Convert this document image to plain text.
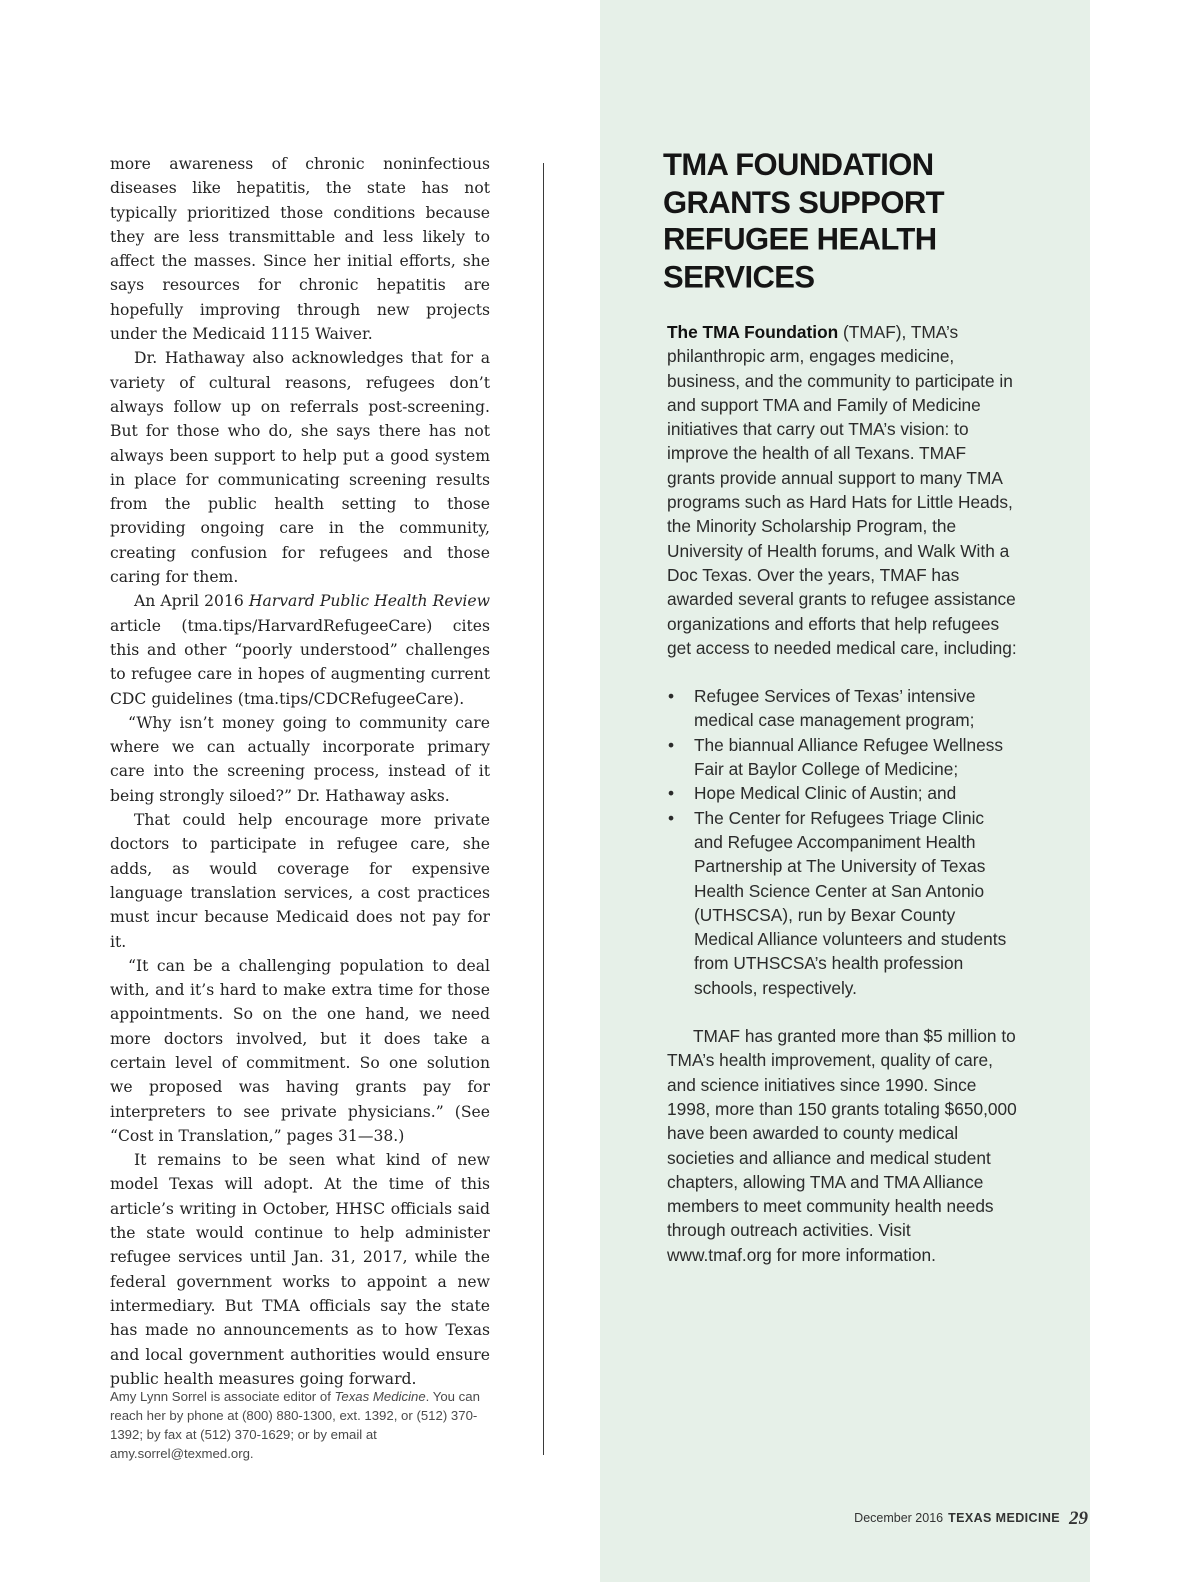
more awareness of chronic noninfectious diseases like hepatitis, the state has not typically prioritized those conditions because they are less transmittable and less likely to affect the masses. Since her initial efforts, she says resources for chronic hepatitis are hopefully improving through new projects under the Medicaid 1115 Waiver.

Dr. Hathaway also acknowledges that for a variety of cultural reasons, refugees don’t always follow up on referrals post-screening. But for those who do, she says there has not always been support to help put a good system in place for communicating screening results from the public health setting to those providing ongoing care in the community, creating confusion for refugees and those caring for them.

An April 2016 Harvard Public Health Review article (tma.tips/HarvardRefugeeCare) cites this and other “poorly understood” challenges to refugee care in hopes of augmenting current CDC guidelines (tma.tips/CDCRefugeeCare).

“Why isn’t money going to community care where we can actually incorporate primary care into the screening process, instead of it being strongly siloed?” Dr. Hathaway asks.

That could help encourage more private doctors to participate in refugee care, she adds, as would coverage for expensive language translation services, a cost practices must incur because Medicaid does not pay for it.

“It can be a challenging population to deal with, and it’s hard to make extra time for those appointments. So on the one hand, we need more doctors involved, but it does take a certain level of commitment. So one solution we proposed was having grants pay for interpreters to see private physicians.” (See “Cost in Translation,” pages 31—38.)

It remains to be seen what kind of new model Texas will adopt. At the time of this article’s writing in October, HHSC officials said the state would continue to help administer refugee services until Jan. 31, 2017, while the federal government works to appoint a new intermediary. But TMA officials say the state has made no announcements as to how Texas and local government authorities would ensure public health measures going forward.

Amy Lynn Sorrel is associate editor of Texas Medicine. You can reach her by phone at (800) 880-1300, ext. 1392, or (512) 370-1392; by fax at (512) 370-1629; or by email at amy.sorrel@texmed.org.
TMA FOUNDATION GRANTS SUPPORT REFUGEE HEALTH SERVICES

The TMA Foundation (TMAF), TMA’s philanthropic arm, engages medicine, business, and the community to participate in and support TMA and Family of Medicine initiatives that carry out TMA’s vision: to improve the health of all Texans. TMAF grants provide annual support to many TMA programs such as Hard Hats for Little Heads, the Minority Scholarship Program, the University of Health forums, and Walk With a Doc Texas. Over the years, TMAF has awarded several grants to refugee assistance organizations and efforts that help refugees get access to needed medical care, including:

• Refugee Services of Texas’ intensive medical case management program;
• The biannual Alliance Refugee Wellness Fair at Baylor College of Medicine;
• Hope Medical Clinic of Austin; and
• The Center for Refugees Triage Clinic and Refugee Accompaniment Health Partnership at The University of Texas Health Science Center at San Antonio (UTHSCSA), run by Bexar County Medical Alliance volunteers and students from UTHSCSA’s health profession schools, respectively.

TMAF has granted more than $5 million to TMA’s health improvement, quality of care, and science initiatives since 1990. Since 1998, more than 150 grants totaling $650,000 have been awarded to county medical societies and alliance and medical student chapters, allowing TMA and TMA Alliance members to meet community health needs through outreach activities. Visit www.tmaf.org for more information.

December 2016 TEXAS MEDICINE 29
